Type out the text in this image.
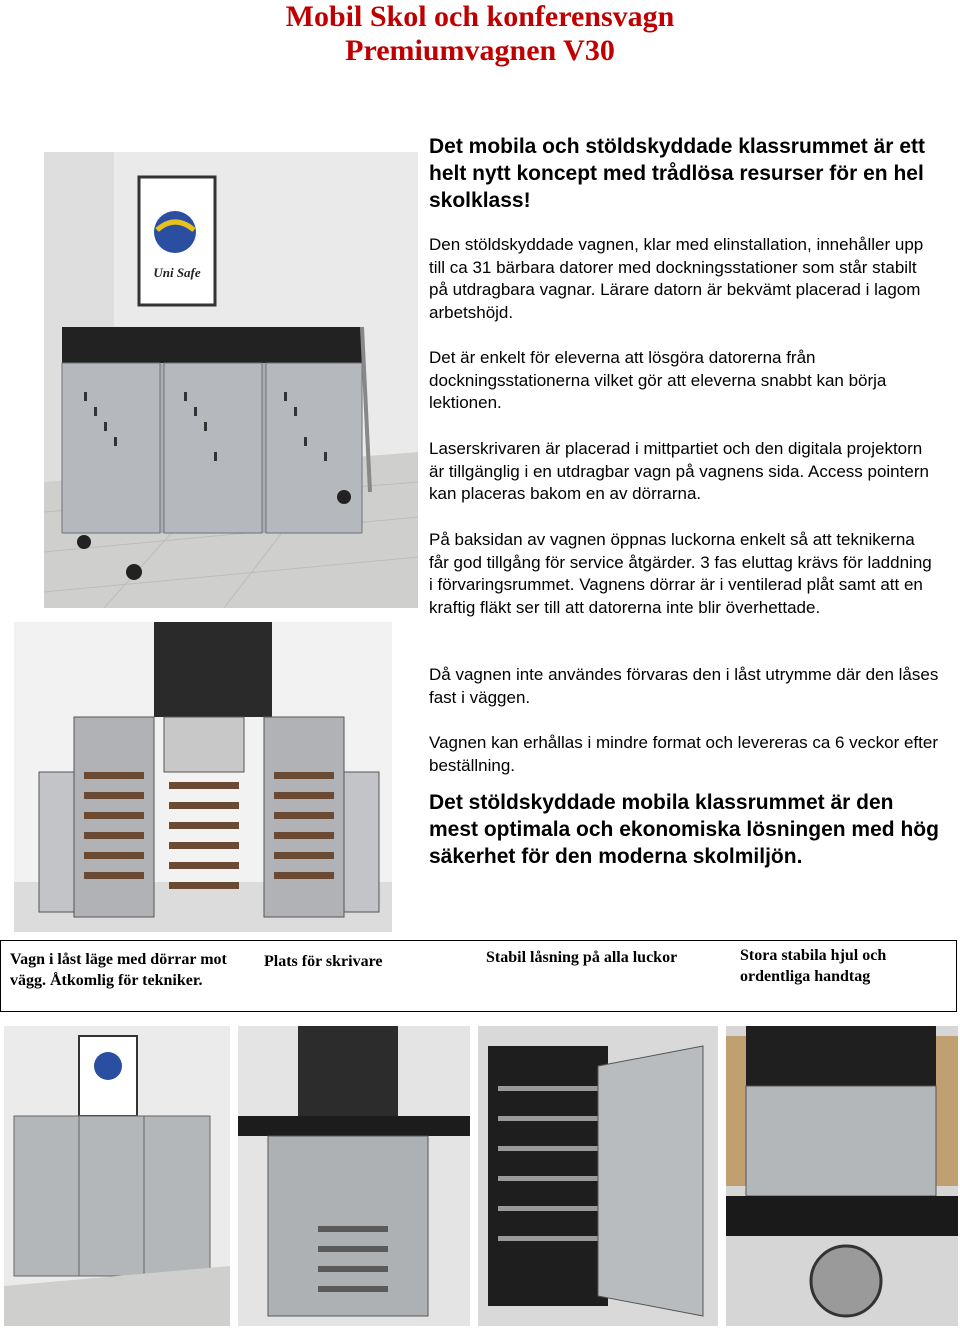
Mobil Skol och konferensvagn
Premiumvagnen V30
Uni Safe

Det mobila och stöldskyddade klassrummet är ett helt nytt koncept med trådlösa resurser för en hel skolklass!

Den stöldskyddade vagnen, klar med elinstallation, innehåller upp till ca 31 bärbara datorer med dockningsstationer som står stabilt på utdragbara vagnar. Lärare datorn är bekvämt placerad i lagom arbetshöjd.

Det är enkelt för eleverna att lösgöra datorerna från dockningsstationerna vilket gör att eleverna snabbt kan börja lektionen.

Laserskrivaren är placerad i mittpartiet och den digitala projektorn är tillgänglig i en utdragbar vagn på vagnens sida. Access pointern kan placeras bakom en av dörrarna.

På baksidan av vagnen öppnas luckorna enkelt så att teknikerna får god tillgång för service åtgärder. 3 fas eluttag krävs för laddning i förvaringsrummet. Vagnens dörrar är i ventilerad plåt samt att en kraftig fläkt ser till att datorerna inte blir överhettade.

Då vagnen inte användes förvaras den i låst utrymme där den låses fast i väggen.

Vagnen kan erhållas i mindre format och levereras ca 6 veckor efter beställning.

Det stöldskyddade mobila klassrummet är den mest optimala och ekonomiska lösningen med hög säkerhet för den moderna skolmiljön.

Vagn i låst läge med dörrar mot vägg. Åtkomlig för tekniker.
Plats för skrivare	Stabil låsning på alla luckor	Stora stabila hjul och ordentliga handtag
